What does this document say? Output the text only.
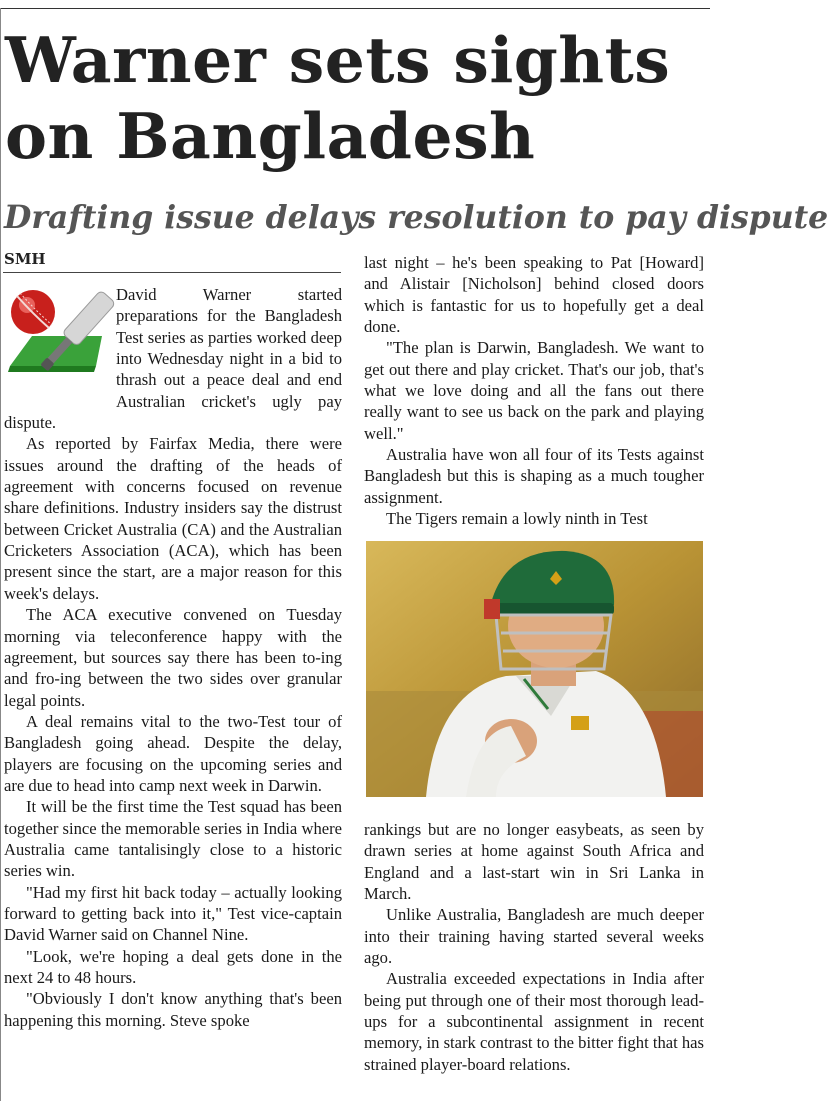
Warner sets sights on Bangladesh
Drafting issue delays resolution to pay dispute
SMH

David Warner started preparations for the Bangladesh Test series as parties worked deep into Wednesday night in a bid to thrash out a peace deal and end Australian cricket's ugly pay dispute.

As reported by Fairfax Media, there were issues around the drafting of the heads of agreement with concerns focused on revenue share definitions. Industry insiders say the distrust between Cricket Australia (CA) and the Australian Cricketers Association (ACA), which has been present since the start, are a major reason for this week's delays.

The ACA executive convened on Tuesday morning via teleconference happy with the agreement, but sources say there has been to-ing and fro-ing between the two sides over granular legal points.

A deal remains vital to the two-Test tour of Bangladesh going ahead. Despite the delay, players are focusing on the upcoming series and are due to head into camp next week in Darwin.

It will be the first time the Test squad has been together since the memorable series in India where Australia came tantalisingly close to a historic series win.

"Had my first hit back today – actually looking forward to getting back into it," Test vice-captain David Warner said on Channel Nine.

"Look, we're hoping a deal gets done in the next 24 to 48 hours.

"Obviously I don't know anything that's been happening this morning. Steve spoke

last night – he's been speaking to Pat [Howard] and Alistair [Nicholson] behind closed doors which is fantastic for us to hopefully get a deal done.

"The plan is Darwin, Bangladesh. We want to get out there and play cricket. That's our job, that's what we love doing and all the fans out there really want to see us back on the park and playing well."

Australia have won all four of its Tests against Bangladesh but this is shaping as a much tougher assignment.

The Tigers remain a lowly ninth in Test

rankings but are no longer easybeats, as seen by drawn series at home against South Africa and England and a last-start win in Sri Lanka in March.

Unlike Australia, Bangladesh are much deeper into their training having started several weeks ago.

Australia exceeded expectations in India after being put through one of their most thorough lead-ups for a subcontinental assignment in recent memory, in stark contrast to the bitter fight that has strained player-board relations.
